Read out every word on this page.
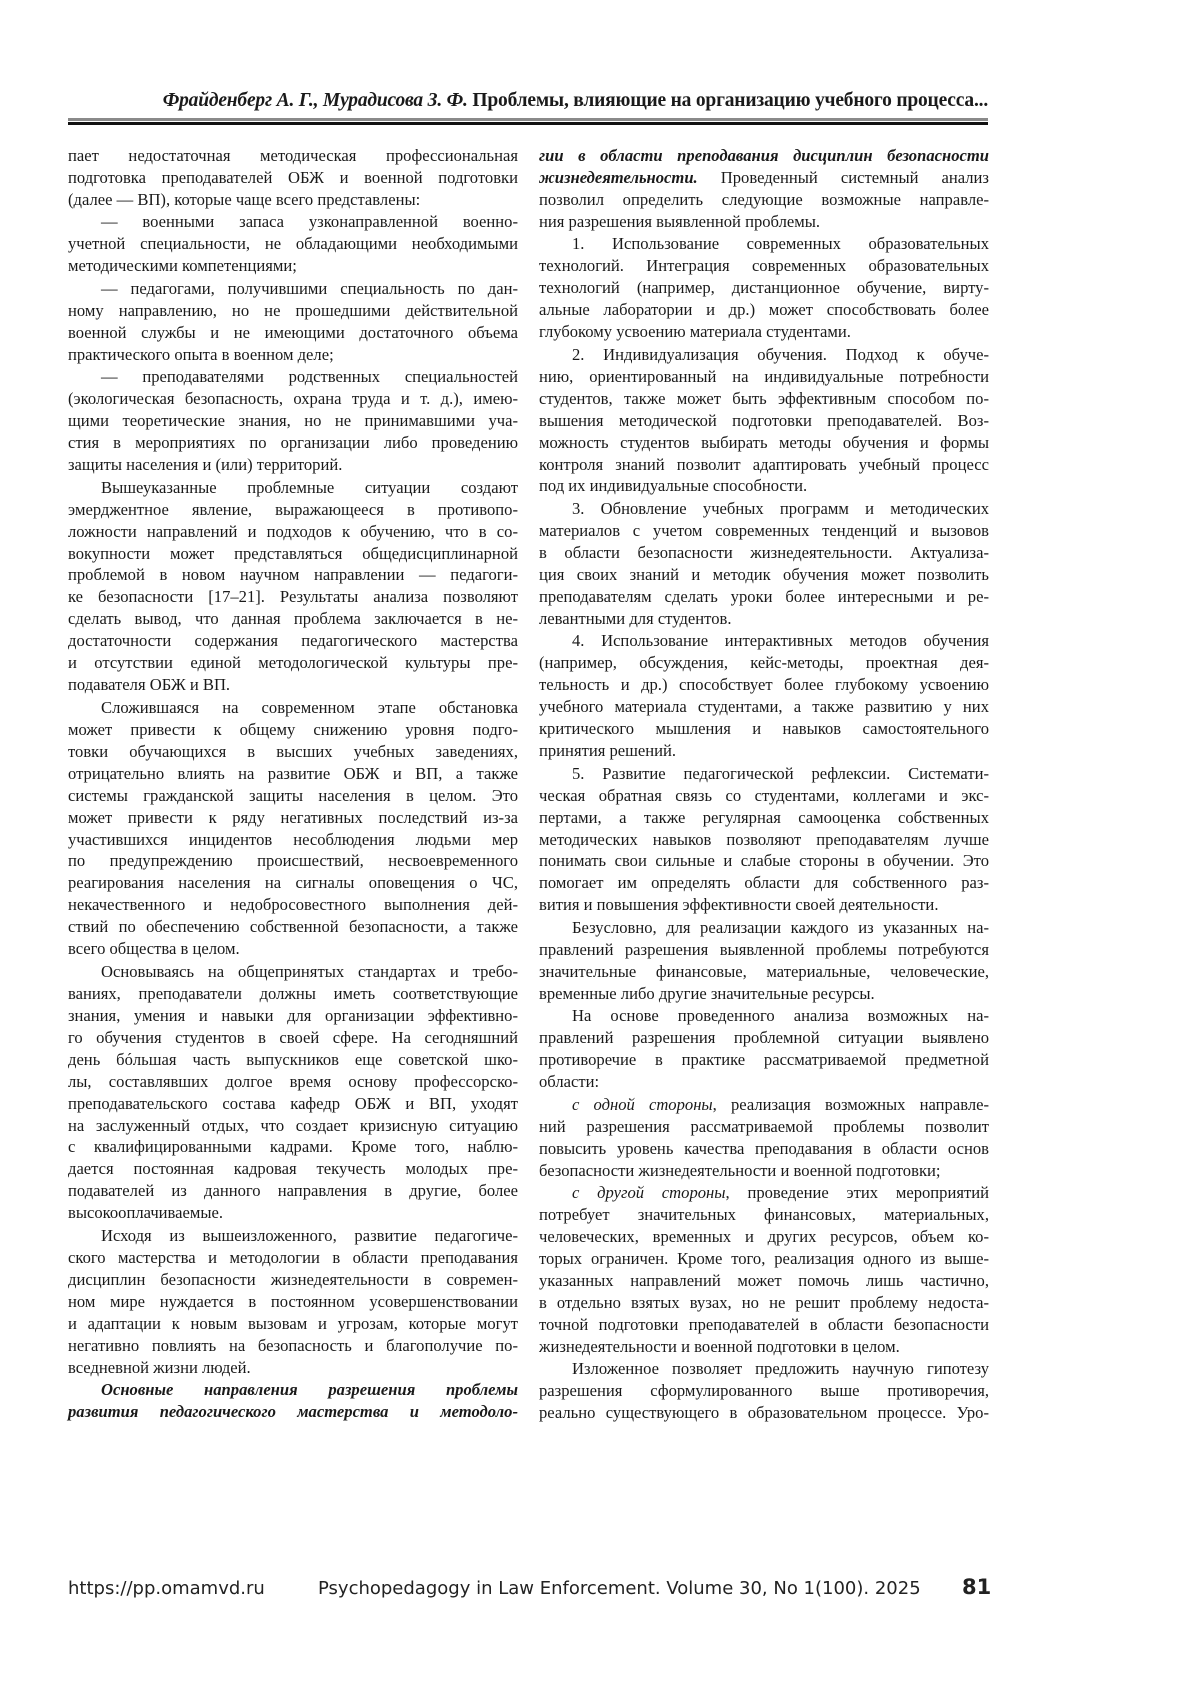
Фрайденберг А. Г., Мурадисова З. Ф. Проблемы, влияющие на организацию учебного процесса...
пает недостаточная методическая профессиональная
подготовка преподавателей ОБЖ и военной подготовки
(далее — ВП), которые чаще всего представлены:
— военными запаса узконаправленной военно-
учетной специальности, не обладающими необходимыми
методическими компетенциями;
— педагогами, получившими специальность по дан-
ному направлению, но не прошедшими действительной
военной службы и не имеющими достаточного объема
практического опыта в военном деле;
— преподавателями родственных специальностей
(экологическая безопасность, охрана труда и т. д.), имею-
щими теоретические знания, но не принимавшими уча-
стия в мероприятиях по организации либо проведению
защиты населения и (или) территорий.
Вышеуказанные проблемные ситуации создают
эмерджентное явление, выражающееся в противопо-
ложности направлений и подходов к обучению, что в со-
вокупности может представляться общедисциплинарной
проблемой в новом научном направлении — педагоги-
ке безопасности [17–21]. Результаты анализа позволяют
сделать вывод, что данная проблема заключается в не-
достаточности содержания педагогического мастерства
и отсутствии единой методологической культуры пре-
подавателя ОБЖ и ВП.
Сложившаяся на современном этапе обстановка
может привести к общему снижению уровня подго-
товки обучающихся в высших учебных заведениях,
отрицательно влиять на развитие ОБЖ и ВП, а также
системы гражданской защиты населения в целом. Это
может привести к ряду негативных последствий из-за
участившихся инцидентов несоблюдения людьми мер
по предупреждению происшествий, несвоевременного
реагирования населения на сигналы оповещения о ЧС,
некачественного и недобросовестного выполнения дей-
ствий по обеспечению собственной безопасности, а также
всего общества в целом.
Основываясь на общепринятых стандартах и требо-
ваниях, преподаватели должны иметь соответствующие
знания, умения и навыки для организации эффективно-
го обучения студентов в своей сфере. На сегодняшний
день бóльшая часть выпускников еще советской шко-
лы, составлявших долгое время основу профессорско-
преподавательского состава кафедр ОБЖ и ВП, уходят
на заслуженный отдых, что создает кризисную ситуацию
с квалифицированными кадрами. Кроме того, наблю-
дается постоянная кадровая текучесть молодых пре-
подавателей из данного направления в другие, более
высокооплачиваемые.
Исходя из вышеизложенного, развитие педагогиче-
ского мастерства и методологии в области преподавания
дисциплин безопасности жизнедеятельности в современ-
ном мире нуждается в постоянном усовершенствовании
и адаптации к новым вызовам и угрозам, которые могут
негативно повлиять на безопасность и благополучие по-
вседневной жизни людей.
Основные направления разрешения проблемы
развития педагогического мастерства и методоло-
гии в области преподавания дисциплин безопасности
жизнедеятельности. Проведенный системный анализ
позволил определить следующие возможные направле-
ния разрешения выявленной проблемы.
1. Использование современных образовательных
технологий. Интеграция современных образовательных
технологий (например, дистанционное обучение, вирту-
альные лаборатории и др.) может способствовать более
глубокому усвоению материала студентами.
2. Индивидуализация обучения. Подход к обуче-
нию, ориентированный на индивидуальные потребности
студентов, также может быть эффективным способом по-
вышения методической подготовки преподавателей. Воз-
можность студентов выбирать методы обучения и формы
контроля знаний позволит адаптировать учебный процесс
под их индивидуальные способности.
3. Обновление учебных программ и методических
материалов с учетом современных тенденций и вызовов
в области безопасности жизнедеятельности. Актуализа-
ция своих знаний и методик обучения может позволить
преподавателям сделать уроки более интересными и ре-
левантными для студентов.
4. Использование интерактивных методов обучения
(например, обсуждения, кейс-методы, проектная дея-
тельность и др.) способствует более глубокому усвоению
учебного материала студентами, а также развитию у них
критического мышления и навыков самостоятельного
принятия решений.
5. Развитие педагогической рефлексии. Системати-
ческая обратная связь со студентами, коллегами и экс-
пертами, а также регулярная самооценка собственных
методических навыков позволяют преподавателям лучше
понимать свои сильные и слабые стороны в обучении. Это
помогает им определять области для собственного раз-
вития и повышения эффективности своей деятельности.
Безусловно, для реализации каждого из указанных на-
правлений разрешения выявленной проблемы потребуются
значительные финансовые, материальные, человеческие,
временные либо другие значительные ресурсы.
На основе проведенного анализа возможных на-
правлений разрешения проблемной ситуации выявлено
противоречие в практике рассматриваемой предметной
области:
с одной стороны, реализация возможных направле-
ний разрешения рассматриваемой проблемы позволит
повысить уровень качества преподавания в области основ
безопасности жизнедеятельности и военной подготовки;
с другой стороны, проведение этих мероприятий
потребует значительных финансовых, материальных,
человеческих, временных и других ресурсов, объем ко-
торых ограничен. Кроме того, реализация одного из выше-
указанных направлений может помочь лишь частично,
в отдельно взятых вузах, но не решит проблему недоста-
точной подготовки преподавателей в области безопасности
жизнедеятельности и военной подготовки в целом.
Изложенное позволяет предложить научную гипотезу
разрешения сформулированного выше противоречия,
реально существующего в образовательном процессе. Уро-
https://pp.omamvd.ru	Psychopedagogy in Law Enforcement. Volume 30, No 1(100). 2025 81
